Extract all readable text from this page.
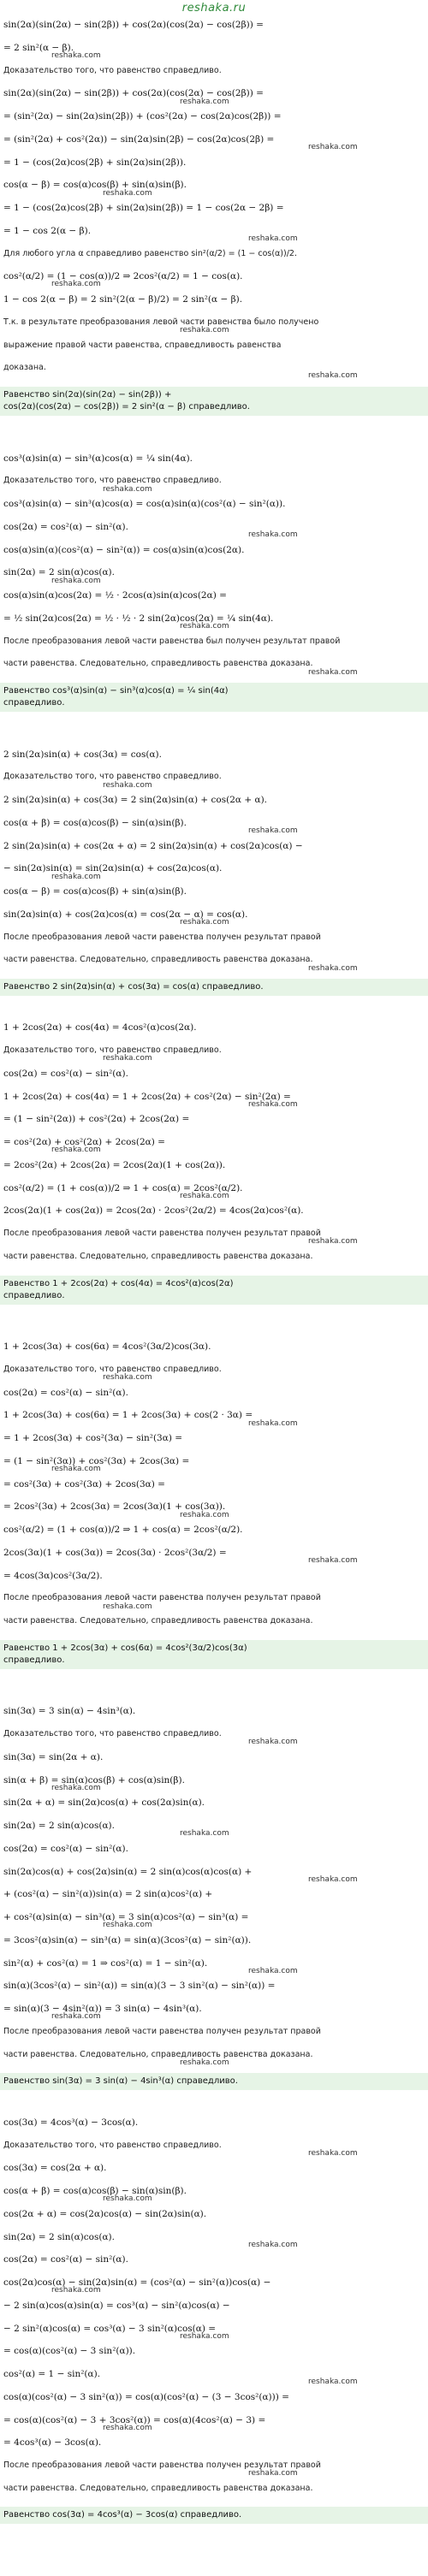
reshaka.ru
sin(2α)(sin(2α) − sin(2β)) + cos(2α)(cos(2α) − cos(2β)) =
= 2 sin²(α − β).
reshaka.com
Доказательство того, что равенство справедливо.
sin(2α)(sin(2α) − sin(2β)) + cos(2α)(cos(2α) − cos(2β)) =
reshaka.com
= (sin²(2α) − sin(2α)sin(2β)) + (cos²(2α) − cos(2α)cos(2β)) =
= (sin²(2α) + cos²(2α)) − sin(2α)sin(2β) − cos(2α)cos(2β) =
reshaka.com
= 1 − (cos(2α)cos(2β) + sin(2α)sin(2β)).
cos(α − β) = cos(α)cos(β) + sin(α)sin(β).
reshaka.com
= 1 − (cos(2α)cos(2β) + sin(2α)sin(2β)) = 1 − cos(2α − 2β) =
= 1 − cos 2(α − β).
reshaka.com
Для любого угла α справедливо равенство sin²(α/2) = (1 − cos(α))/2.
cos²(α/2) = (1 − cos(α))/2 ⇒ 2cos²(α/2) = 1 − cos(α).
reshaka.com
1 − cos 2(α − β) = 2 sin²(2(α − β)/2) = 2 sin²(α − β).
Т.к. в результате преобразования левой части равенства было получено
reshaka.com
выражение правой части равенства, справедливость равенства
доказана.
reshaka.com
Равенство sin(2α)(sin(2α) − sin(2β)) +
cos(2α)(cos(2α) − cos(2β)) = 2 sin²(α − β) справедливо.
cos³(α)sin(α) − sin³(α)cos(α) = ¼ sin(4α).
Доказательство того, что равенство справедливо.
reshaka.com
cos³(α)sin(α) − sin³(α)cos(α) = cos(α)sin(α)(cos²(α) − sin²(α)).
cos(2α) = cos²(α) − sin²(α).
reshaka.com
cos(α)sin(α)(cos²(α) − sin²(α)) = cos(α)sin(α)cos(2α).
sin(2α) = 2 sin(α)cos(α).
reshaka.com
cos(α)sin(α)cos(2α) = ½ · 2cos(α)sin(α)cos(2α) =
= ½ sin(2α)cos(2α) = ½ · ½ · 2 sin(2α)cos(2α) = ¼ sin(4α).
reshaka.com
После преобразования левой части равенства был получен результат правой
части равенства. Следовательно, справедливость равенства доказана.
reshaka.com
Равенство cos³(α)sin(α) − sin³(α)cos(α) = ¼ sin(4α)
справедливо.
2 sin(2α)sin(α) + cos(3α) = cos(α).
Доказательство того, что равенство справедливо.
reshaka.com
2 sin(2α)sin(α) + cos(3α) = 2 sin(2α)sin(α) + cos(2α + α).
cos(α + β) = cos(α)cos(β) − sin(α)sin(β).
reshaka.com
2 sin(2α)sin(α) + cos(2α + α) = 2 sin(2α)sin(α) + cos(2α)cos(α) −
− sin(2α)sin(α) = sin(2α)sin(α) + cos(2α)cos(α).
reshaka.com
cos(α − β) = cos(α)cos(β) + sin(α)sin(β).
sin(2α)sin(α) + cos(2α)cos(α) = cos(2α − α) = cos(α).
reshaka.com
После преобразования левой части равенства получен результат правой
части равенства. Следовательно, справедливость равенства доказана.
reshaka.com
Равенство 2 sin(2α)sin(α) + cos(3α) = cos(α) справедливо.
1 + 2cos(2α) + cos(4α) = 4cos²(α)cos(2α).
Доказательство того, что равенство справедливо.
reshaka.com
cos(2α) = cos²(α) − sin²(α).
1 + 2cos(2α) + cos(4α) = 1 + 2cos(2α) + cos²(2α) − sin²(2α) =
reshaka.com
= (1 − sin²(2α)) + cos²(2α) + 2cos(2α) =
= cos²(2α) + cos²(2α) + 2cos(2α) =
reshaka.com
= 2cos²(2α) + 2cos(2α) = 2cos(2α)(1 + cos(2α)).
cos²(α/2) = (1 + cos(α))/2 ⇒ 1 + cos(α) = 2cos²(α/2).
reshaka.com
2cos(2α)(1 + cos(2α)) = 2cos(2α) · 2cos²(2α/2) = 4cos(2α)cos²(α).
После преобразования левой части равенства получен результат правой
reshaka.com
части равенства. Следовательно, справедливость равенства доказана.
Равенство 1 + 2cos(2α) + cos(4α) = 4cos²(α)cos(2α)
справедливо.
1 + 2cos(3α) + cos(6α) = 4cos²(3α/2)cos(3α).
Доказательство того, что равенство справедливо.
reshaka.com
cos(2α) = cos²(α) − sin²(α).
1 + 2cos(3α) + cos(6α) = 1 + 2cos(3α) + cos(2 · 3α) =
reshaka.com
= 1 + 2cos(3α) + cos²(3α) − sin²(3α) =
= (1 − sin²(3α)) + cos²(3α) + 2cos(3α) =
reshaka.com
= cos²(3α) + cos²(3α) + 2cos(3α) =
= 2cos²(3α) + 2cos(3α) = 2cos(3α)(1 + cos(3α)).
reshaka.com
cos²(α/2) = (1 + cos(α))/2 ⇒ 1 + cos(α) = 2cos²(α/2).
2cos(3α)(1 + cos(3α)) = 2cos(3α) · 2cos²(3α/2) =
reshaka.com
= 4cos(3α)cos²(3α/2).
После преобразования левой части равенства получен результат правой
reshaka.com
части равенства. Следовательно, справедливость равенства доказана.
Равенство 1 + 2cos(3α) + cos(6α) = 4cos²(3α/2)cos(3α)
справедливо.
sin(3α) = 3 sin(α) − 4sin³(α).
Доказательство того, что равенство справедливо.
reshaka.com
sin(3α) = sin(2α + α).
sin(α + β) = sin(α)cos(β) + cos(α)sin(β).
reshaka.com
sin(2α + α) = sin(2α)cos(α) + cos(2α)sin(α).
sin(2α) = 2 sin(α)cos(α).
reshaka.com
cos(2α) = cos²(α) − sin²(α).
sin(2α)cos(α) + cos(2α)sin(α) = 2 sin(α)cos(α)cos(α) +
reshaka.com
+ (cos²(α) − sin²(α))sin(α) = 2 sin(α)cos²(α) +
+ cos²(α)sin(α) − sin³(α) = 3 sin(α)cos²(α) − sin³(α) =
reshaka.com
= 3cos²(α)sin(α) − sin³(α) = sin(α)(3cos²(α) − sin²(α)).
sin²(α) + cos²(α) = 1 ⇒ cos²(α) = 1 − sin²(α).
reshaka.com
sin(α)(3cos²(α) − sin²(α)) = sin(α)(3 − 3 sin²(α) − sin²(α)) =
= sin(α)(3 − 4sin²(α)) = 3 sin(α) − 4sin³(α).
reshaka.com
После преобразования левой части равенства получен результат правой
части равенства. Следовательно, справедливость равенства доказана.
reshaka.com
Равенство sin(3α) = 3 sin(α) − 4sin³(α) справедливо.
cos(3α) = 4cos³(α) − 3cos(α).
Доказательство того, что равенство справедливо.
reshaka.com
cos(3α) = cos(2α + α).
cos(α + β) = cos(α)cos(β) − sin(α)sin(β).
reshaka.com
cos(2α + α) = cos(2α)cos(α) − sin(2α)sin(α).
sin(2α) = 2 sin(α)cos(α).
reshaka.com
cos(2α) = cos²(α) − sin²(α).
cos(2α)cos(α) − sin(2α)sin(α) = (cos²(α) − sin²(α))cos(α) −
reshaka.com
− 2 sin(α)cos(α)sin(α) = cos³(α) − sin²(α)cos(α) −
− 2 sin²(α)cos(α) = cos³(α) − 3 sin²(α)cos(α) =
reshaka.com
= cos(α)(cos²(α) − 3 sin²(α)).
cos²(α) = 1 − sin²(α).
reshaka.com
cos(α)(cos²(α) − 3 sin²(α)) = cos(α)(cos²(α) − (3 − 3cos²(α))) =
= cos(α)(cos²(α) − 3 + 3cos²(α)) = cos(α)(4cos²(α) − 3) =
reshaka.com
= 4cos³(α) − 3cos(α).
После преобразования левой части равенства получен результат правой
reshaka.com
части равенства. Следовательно, справедливость равенства доказана.
Равенство cos(3α) = 4cos³(α) − 3cos(α) справедливо.
